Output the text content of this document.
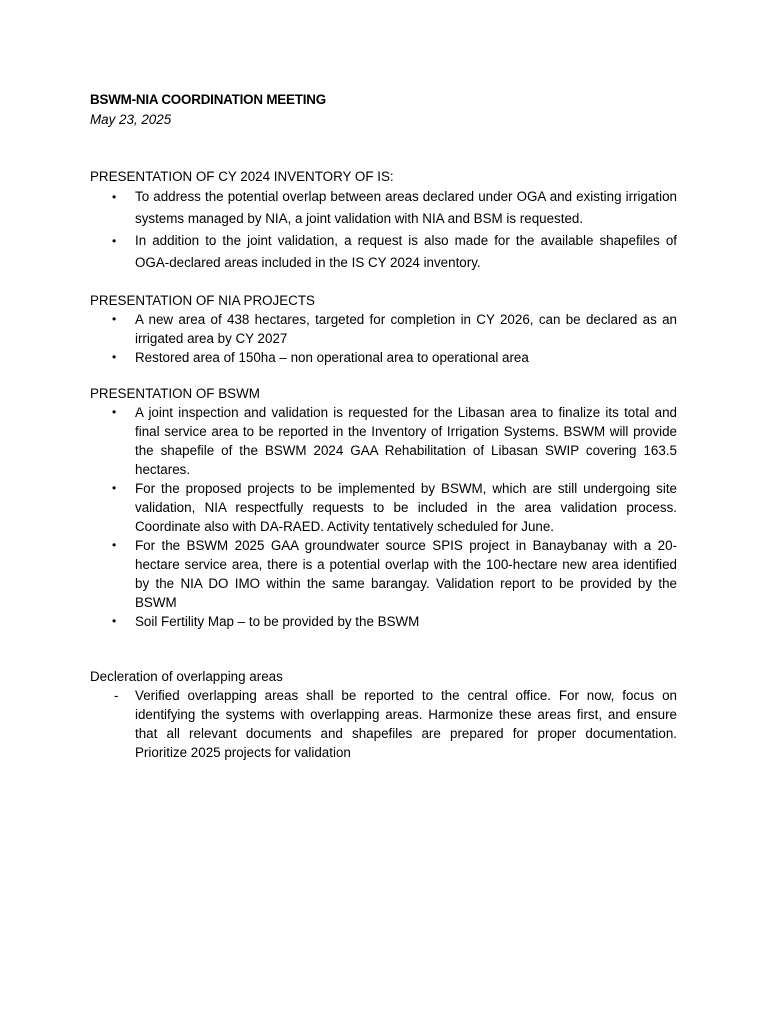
BSWM-NIA COORDINATION MEETING

May 23, 2025

PRESENTATION OF CY 2024 INVENTORY OF IS:

• To address the potential overlap between areas declared under OGA and existing irrigation systems managed by NIA, a joint validation with NIA and BSM is requested.
• In addition to the joint validation, a request is also made for the available shapefiles of OGA-declared areas included in the IS CY 2024 inventory.

PRESENTATION OF NIA PROJECTS

• A new area of 438 hectares, targeted for completion in CY 2026, can be declared as an irrigated area by CY 2027
• Restored area of 150ha – non operational area to operational area

PRESENTATION OF BSWM

• A joint inspection and validation is requested for the Libasan area to finalize its total and final service area to be reported in the Inventory of Irrigation Systems. BSWM will provide the shapefile of the BSWM 2024 GAA Rehabilitation of Libasan SWIP covering 163.5 hectares.
• For the proposed projects to be implemented by BSWM, which are still undergoing site validation, NIA respectfully requests to be included in the area validation process. Coordinate also with DA-RAED. Activity tentatively scheduled for June.
• For the BSWM 2025 GAA groundwater source SPIS project in Banaybanay with a 20-hectare service area, there is a potential overlap with the 100-hectare new area identified by the NIA DO IMO within the same barangay. Validation report to be provided by the BSWM
• Soil Fertility Map – to be provided by the BSWM

Decleration of overlapping areas

- Verified overlapping areas shall be reported to the central office. For now, focus on identifying the systems with overlapping areas. Harmonize these areas first, and ensure that all relevant documents and shapefiles are prepared for proper documentation. Prioritize 2025 projects for validation
